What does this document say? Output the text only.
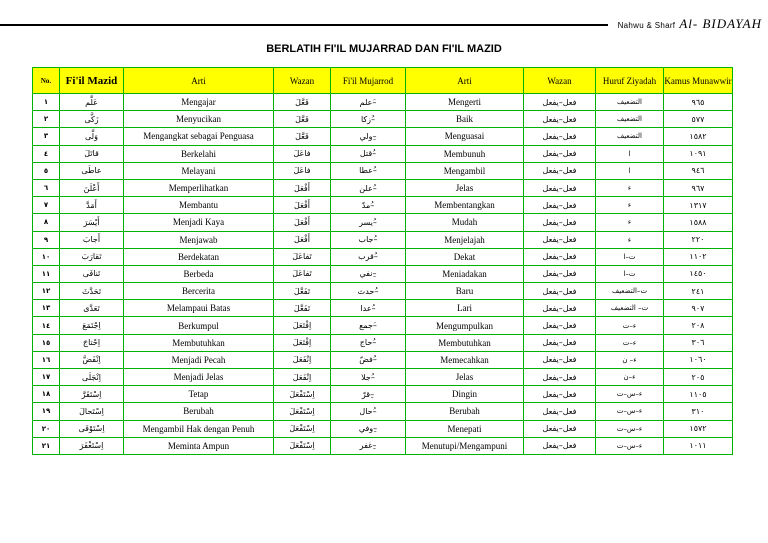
Nahwu & Sharf Al- BIDAYAH
BERLATIH FI'IL MUJARRAD DAN FI'IL MAZID
No.	Fi'il Mazid	Arti	Wazan	Fi'il Mujarrod	Arti	Wazan	Huruf Ziyadah	Kamus Munawwir
١	عَلَّم	Mengajar	فَعَّلَ	علم–َ	Mengerti	فعل–يفعل	التضعيف	٩٦٥
٢	زَكَّى	Menyucikan	فَعَّلَ	زكا–ُ	Baik	فعل–يفعل	التضعيف	٥٧٧
٣	وَلَّى	Mengangkat sebagai Penguasa	فَعَّلَ	ولي–ِ	Menguasai	فعل–يفعل	التضعيف	١٥٨٢
٤	قاتَلَ	Berkelahi	فاعَلَ	قتل–ُ	Membunuh	فعل–يفعل	ا	١٠٩١
٥	عاطَى	Melayani	فاعَلَ	عطا–ُ	Mengambil	فعل–يفعل	ا	٩٤٦
٦	أَعْلَنَ	Memperlihatkan	أَفْعَلَ	علن–ُ	Jelas	فعل–يفعل	ء	٩٦٧
٧	أَمَدَّ	Membantu	أَفْعَلَ	مدّ–ُ	Membentangkan	فعل–يفعل	ء	١٣١٧
٨	أَيْسَرَ	Menjadi Kaya	أَفْعَلَ	يسر–ُ	Mudah	فعل–يفعل	ء	١٥٨٨
٩	أَجابَ	Menjawab	أَفْعَلَ	جاب–ُ	Menjelajah	فعل–يفعل	ء	٢٢٠
١٠	تَقارَبَ	Berdekatan	تَفاعَلَ	قرب–ُ	Dekat	فعل–يفعل	ت–ا	١١٠٢
١١	تَنافَى	Berbeda	تَفاعَلَ	نفي–ِ	Meniadakan	فعل–يفعل	ت–ا	١٤٥٠
١٢	تَحَدَّثَ	Bercerita	تَفَعَّلَ	حدث–ُ	Baru	فعل–يفعل	ت–التضعيف	٢٤١
١٣	تَعَدَّى	Melampaui Batas	تَفَعَّلَ	عدا–ُ	Lari	فعل–يفعل	ت– التضعيف	٩٠٧
١٤	اِجْتَمَعَ	Berkumpul	اِفْتَعَلَ	جمع–َ	Mengumpulkan	فعل–يفعل	ء–ت	٢٠٨
١٥	اِحْتاجَ	Membutuhkan	اِفْتَعَلَ	حاج–ُ	Membutuhkan	فعل–يفعل	ء–ت	٣٠٦
١٦	اِنْفَضَّ	Menjadi Pecah	اِنْفَعَلَ	فضّ–ُ	Memecahkan	فعل–يفعل	ء– ن	١٠٦٠
١٧	اِنْجَلَى	Menjadi Jelas	اِنْفَعَلَ	جلا–ُ	Jelas	فعل–يفعل	ء–ن	٢٠٥
١٨	اِسْتَقَرَّ	Tetap	اِسْتَفْعَلَ	قرّ–ِ	Dingin	فعل–يفعل	ء–س–ت	١١٠٥
١٩	اِسْتَحالَ	Berubah	اِسْتَفْعَلَ	حال–ُ	Berubah	فعل–يفعل	ء–س–ت	٣١٠
٢٠	اِسْتَوْفَى	Mengambil Hak dengan Penuh	اِسْتَفْعَلَ	وفي–ِ	Menepati	فعل–يفعل	ء–س–ت	١٥٧٢
٢١	اِسْتَغْفَرَ	Meminta Ampun	اِسْتَفْعَلَ	غفر–ِ	Menutupi/Mengampuni	فعل–يفعل	ء–س–ت	١٠١١
